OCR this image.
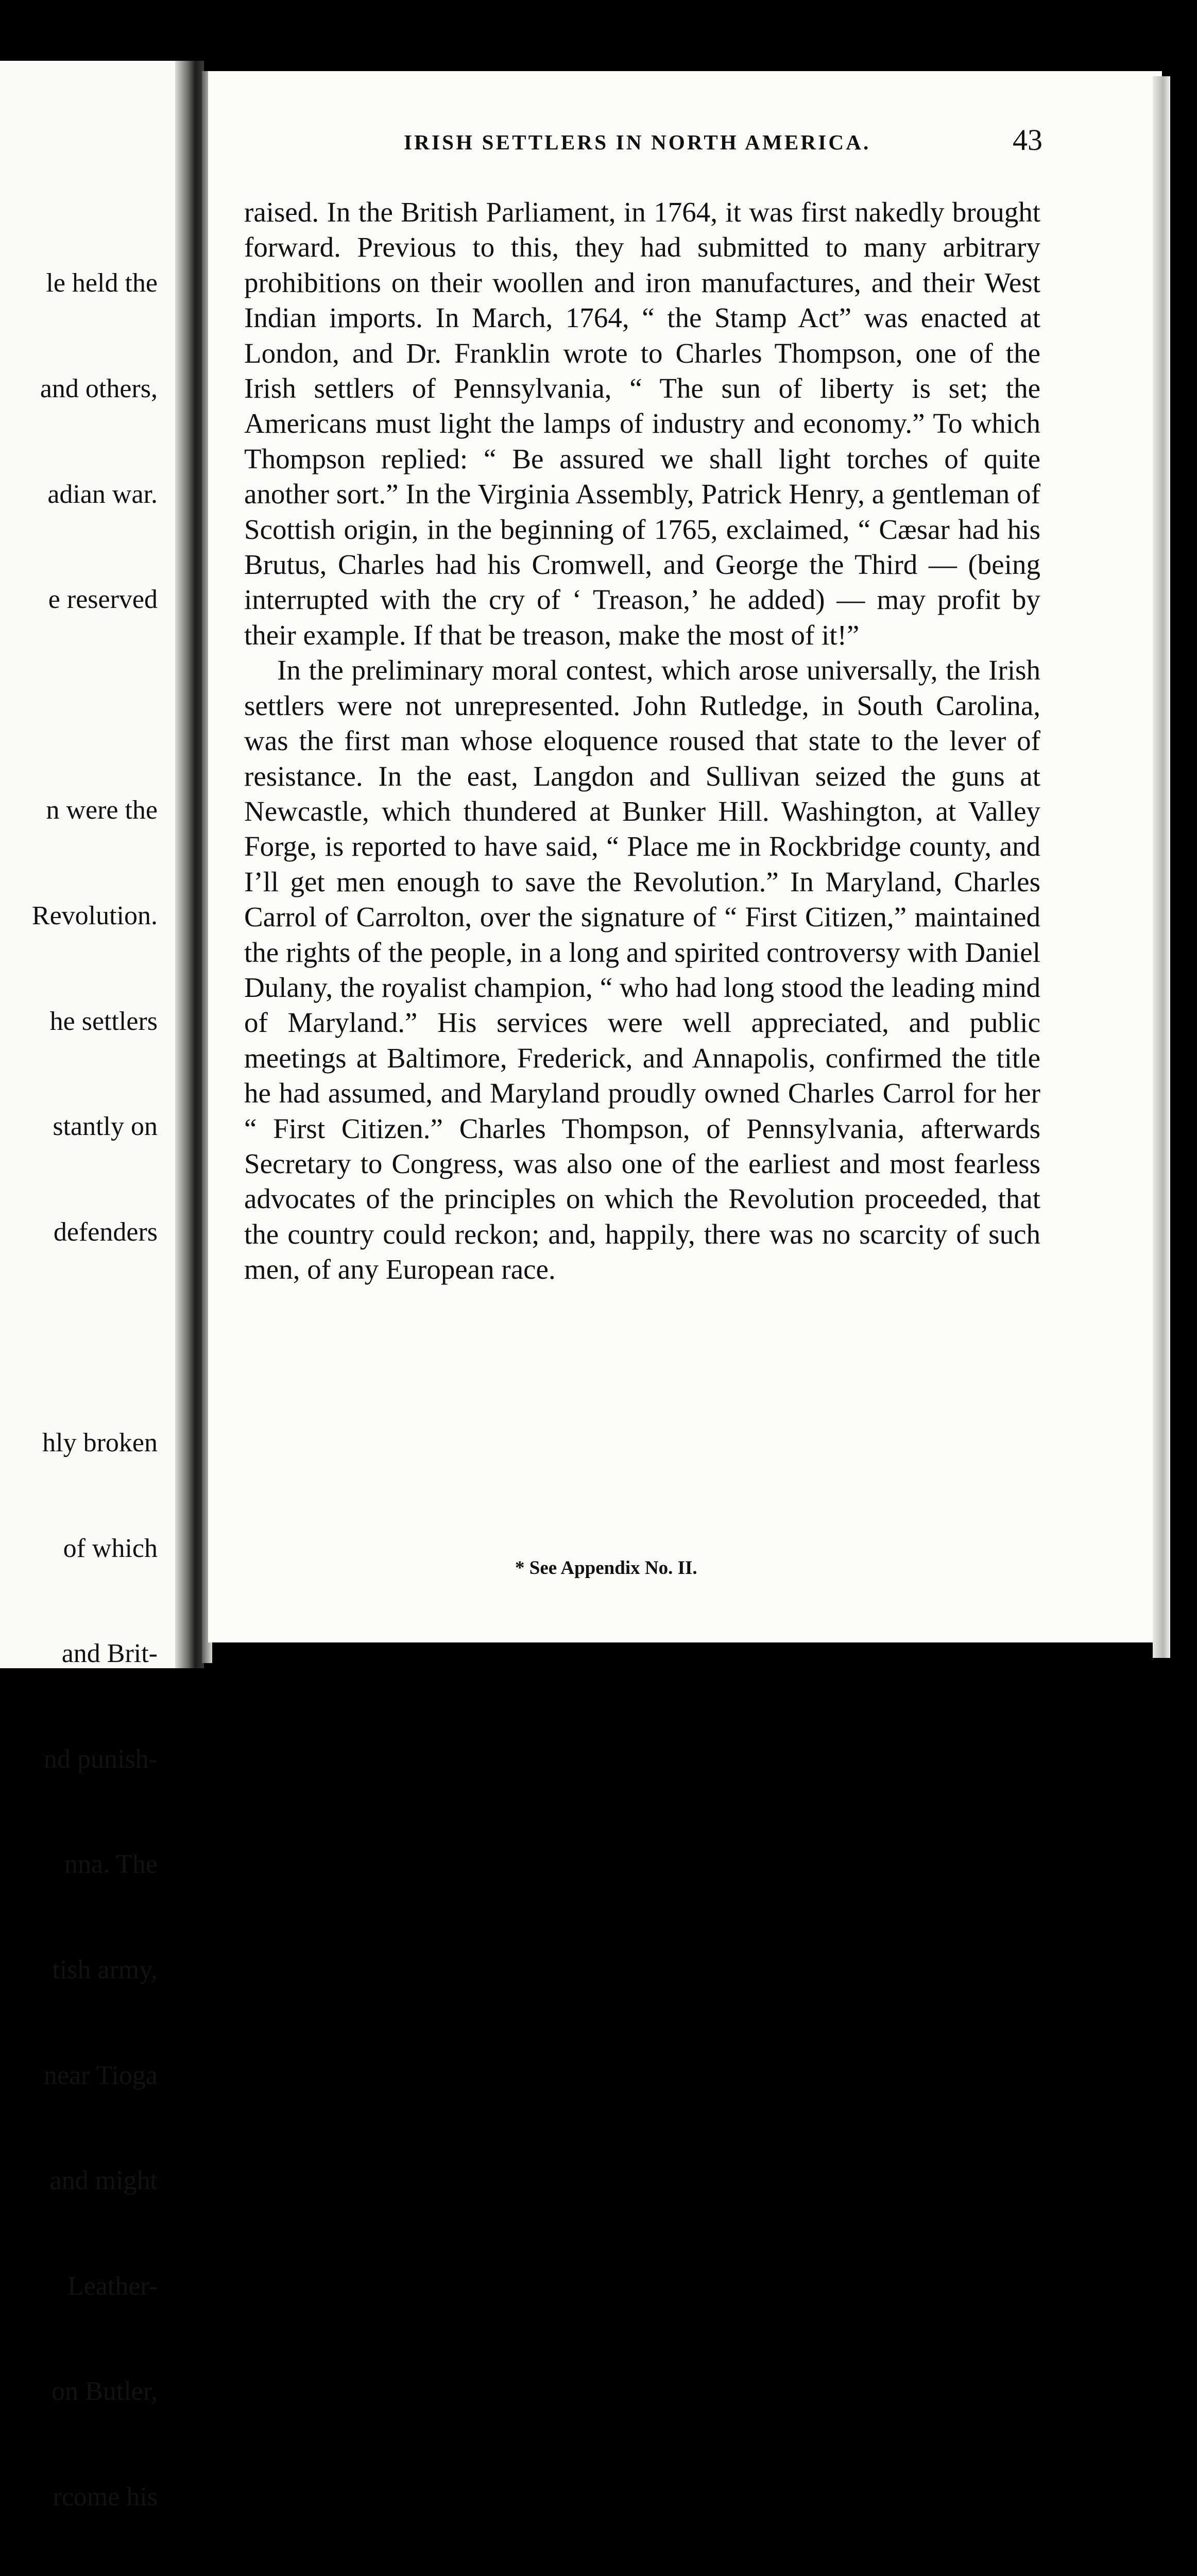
le held the

and others,

adian war.

e reserved

n were the

Revolution.

he settlers

stantly on

defenders

hly broken

of which

and Brit-

nd punish-

nna. The

tish army,

near Tioga

and might

Leather-

on Butler,

rcome his

IRISH SETTLERS IN NORTH AMERICA.	43

raised. In the British Parliament, in 1764, it was first nakedly brought forward. Previous to this, they had submitted to many arbitrary prohibitions on their woollen and iron manufactures, and their West Indian imports. In March, 1764, “ the Stamp Act” was enacted at London, and Dr. Franklin wrote to Charles Thompson, one of the Irish settlers of Pennsylvania, “ The sun of liberty is set; the Americans must light the lamps of industry and economy.” To which Thompson replied: “ Be assured we shall light torches of quite another sort.” In the Virginia Assembly, Patrick Henry, a gentleman of Scottish origin, in the beginning of 1765, exclaimed, “ Cæsar had his Brutus, Charles had his Cromwell, and George the Third — (being interrupted with the cry of ‘ Treason,’ he added) — may profit by their example. If that be treason, make the most of it!”

In the preliminary moral contest, which arose universally, the Irish settlers were not unrepresented. John Rutledge, in South Carolina, was the first man whose eloquence roused that state to the lever of resistance. In the east, Langdon and Sullivan seized the guns at Newcastle, which thundered at Bunker Hill. Washington, at Valley Forge, is reported to have said, “ Place me in Rockbridge county, and I’ll get men enough to save the Revolution.” In Maryland, Charles Carrol of Carrolton, over the signature of “ First Citizen,” maintained the rights of the people, in a long and spirited controversy with Daniel Dulany, the royalist champion, “ who had long stood the leading mind of Maryland.” His services were well appreciated, and public meetings at Baltimore, Frederick, and Annapolis, confirmed the title he had assumed, and Maryland proudly owned Charles Carrol for her “ First Citizen.” Charles Thompson, of Pennsylvania, afterwards Secretary to Congress, was also one of the earliest and most fearless advocates of the principles on which the Revolution proceeded, that the country could reckon; and, happily, there was no scarcity of such men, of any European race.

* See Appendix No. II.
